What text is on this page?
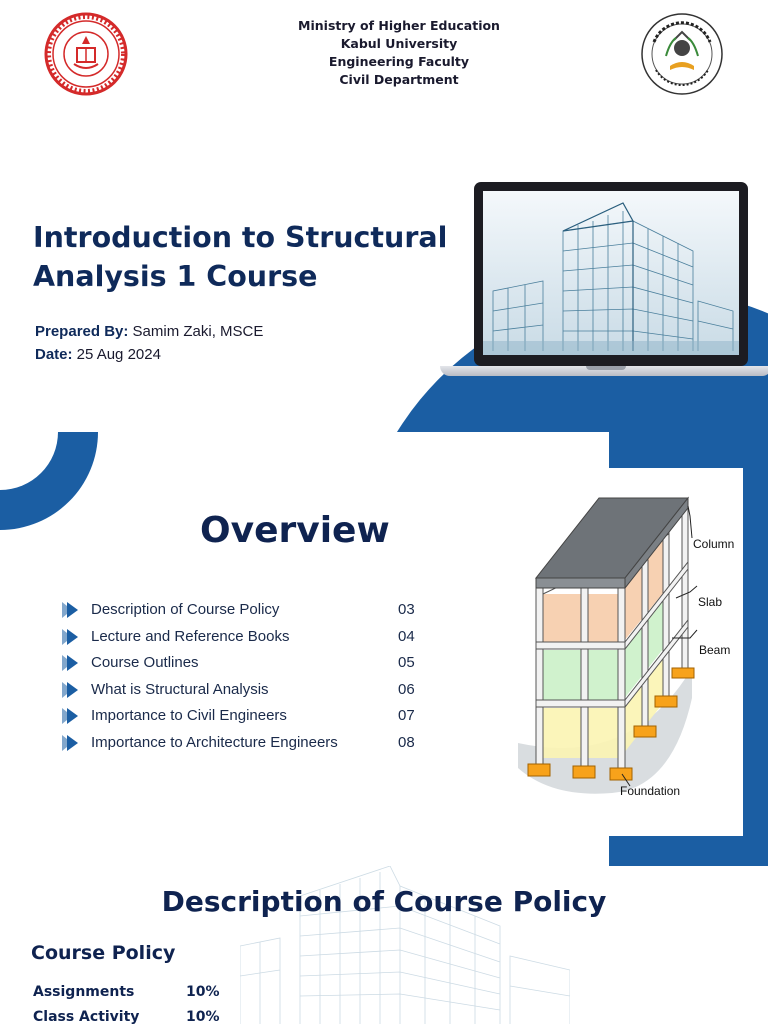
Ministry of Higher Education
Kabul University
Engineering Faculty
Civil Department
Introduction to Structural
Analysis 1 Course
Prepared By: Samim Zaki, MSCE
Date: 25 Aug 2024
Column
Slab
Beam
Foundation
Overview
Description of Course Policy	03
Lecture and Reference Books	04
Course Outlines	05
What is Structural Analysis	06
Importance to Civil Engineers	07
Importance to Architecture Engineers	08
Description of Course Policy
Course Policy
Assignments	10%
Class Activity	10%
